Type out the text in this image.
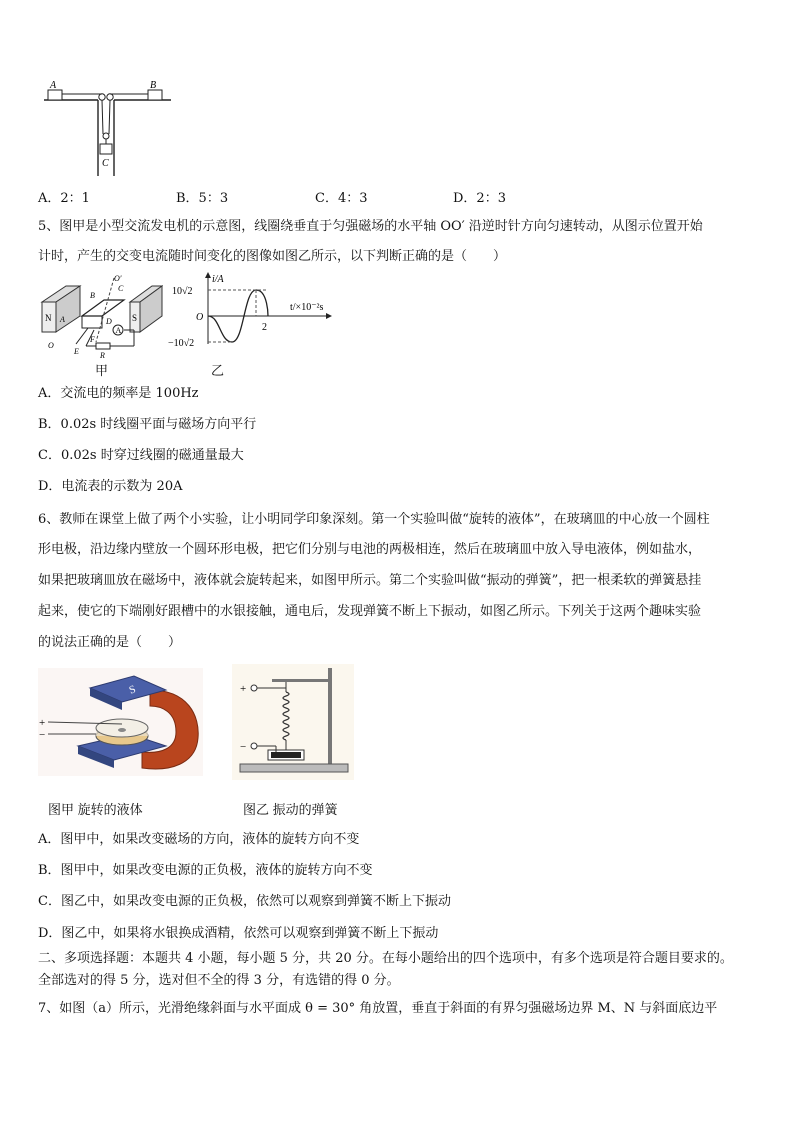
A	B
C
A．2：1	B．5：3	C．4：3	D．2：3
5、图甲是小型交流发电机的示意图，线圈绕垂直于匀强磁场的水平轴 OO′ 沿逆时针方向匀速转动，从图示位置开始
计时，产生的交变电流随时间变化的图像如图乙所示，以下判断正确的是（　　）
A
N	S
O′
C
B
A	D
O
E
F
R
i/A
t/×10⁻²s
10√2
−10√2
O
2
甲	乙
A．交流电的频率是 100Hz
B．0.02s 时线圈平面与磁场方向平行
C．0.02s 时穿过线圈的磁通量最大
D．电流表的示数为 20A
6、教师在课堂上做了两个小实验，让小明同学印象深刻。第一个实验叫做“旋转的液体”，在玻璃皿的中心放一个圆柱
形电极，沿边缘内壁放一个圆环形电极，把它们分别与电池的两极相连，然后在玻璃皿中放入导电液体，例如盐水，
如果把玻璃皿放在磁场中，液体就会旋转起来，如图甲所示。第二个实验叫做“振动的弹簧”，把一根柔软的弹簧悬挂
起来，使它的下端刚好跟槽中的水银接触，通电后，发现弹簧不断上下振动，如图乙所示。下列关于这两个趣味实验
的说法正确的是（　　）
S
+
−
+
−
图甲 旋转的液体	图乙 振动的弹簧
A．图甲中，如果改变磁场的方向，液体的旋转方向不变
B．图甲中，如果改变电源的正负极，液体的旋转方向不变
C．图乙中，如果改变电源的正负极，依然可以观察到弹簧不断上下振动
D．图乙中，如果将水银换成酒精，依然可以观察到弹簧不断上下振动
二、多项选择题：本题共 4 小题，每小题 5 分，共 20 分。在每小题给出的四个选项中，有多个选项是符合题目要求的。
全部选对的得 5 分，选对但不全的得 3 分，有选错的得 0 分。
7、如图（a）所示，光滑绝缘斜面与水平面成 θ = 30° 角放置，垂直于斜面的有界匀强磁场边界 M、N 与斜面底边平
